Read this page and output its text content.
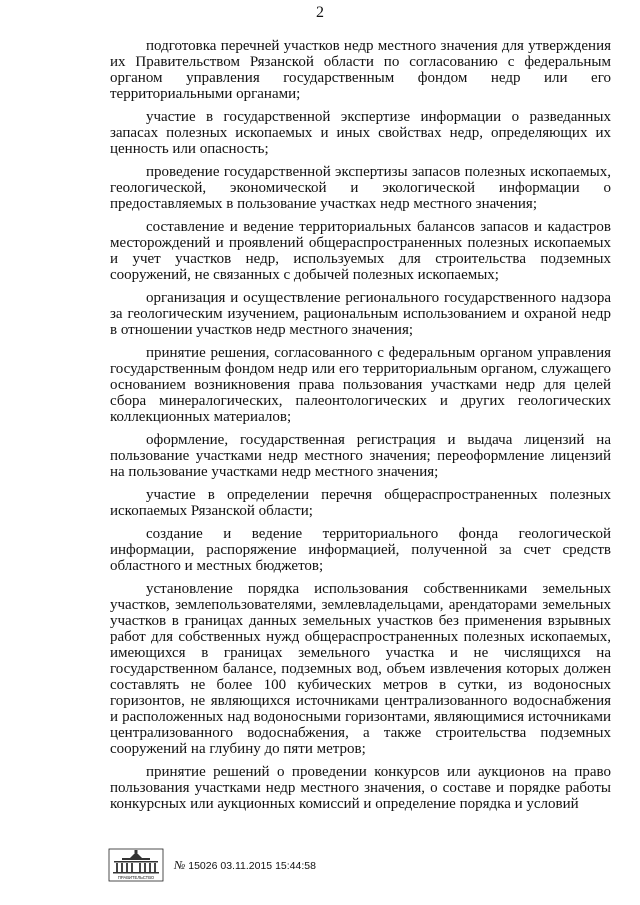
2

подготовка перечней участков недр местного значения для утверждения их Правительством Рязанской области по согласованию с федеральным органом управления государственным фондом недр или его территориальными органами;

участие в государственной экспертизе информации о разведанных запасах полезных ископаемых и иных свойствах недр, определяющих их ценность или опасность;

проведение государственной экспертизы запасов полезных ископаемых, геологической, экономической и экологической информации о предоставляемых в пользование участках недр местного значения;

составление и ведение территориальных балансов запасов и кадастров месторождений и проявлений общераспространенных полезных ископаемых и учет участков недр, используемых для строительства подземных сооружений, не связанных с добычей полезных ископаемых;

организация и осуществление регионального государственного надзора за геологическим изучением, рациональным использованием и охраной недр в отношении участков недр местного значения;

принятие решения, согласованного с федеральным органом управления государственным фондом недр или его территориальным органом, служащего основанием возникновения права пользования участками недр для целей сбора минералогических, палеонтологических и других геологических коллекционных материалов;

оформление, государственная регистрация и выдача лицензий на пользование участками недр местного значения; переоформление лицензий на пользование участками недр местного значения;

участие в определении перечня общераспространенных полезных ископаемых Рязанской области;

создание и ведение территориального фонда геологической информации, распоряжение информацией, полученной за счет средств областного и местных бюджетов;

установление порядка использования собственниками земельных участков, землепользователями, землевладельцами, арендаторами земельных участков в границах данных земельных участков без применения взрывных работ для собственных нужд общераспространенных полезных ископаемых, имеющихся в границах земельного участка и не числящихся на государственном балансе, подземных вод, объем извлечения которых должен составлять не более 100 кубических метров в сутки, из водоносных горизонтов, не являющихся источниками централизованного водоснабжения и расположенных над водоносными горизонтами, являющимися источниками централизованного водоснабжения, а также строительства подземных сооружений на глубину до пяти метров;

принятие решений о проведении конкурсов или аукционов на право пользования участками недр местного значения, о составе и порядке работы конкурсных или аукционных комиссий и определение порядка и условий

ПРАВИТЕЛЬСТВО
№ 15026 03.11.2015 15:44:58
